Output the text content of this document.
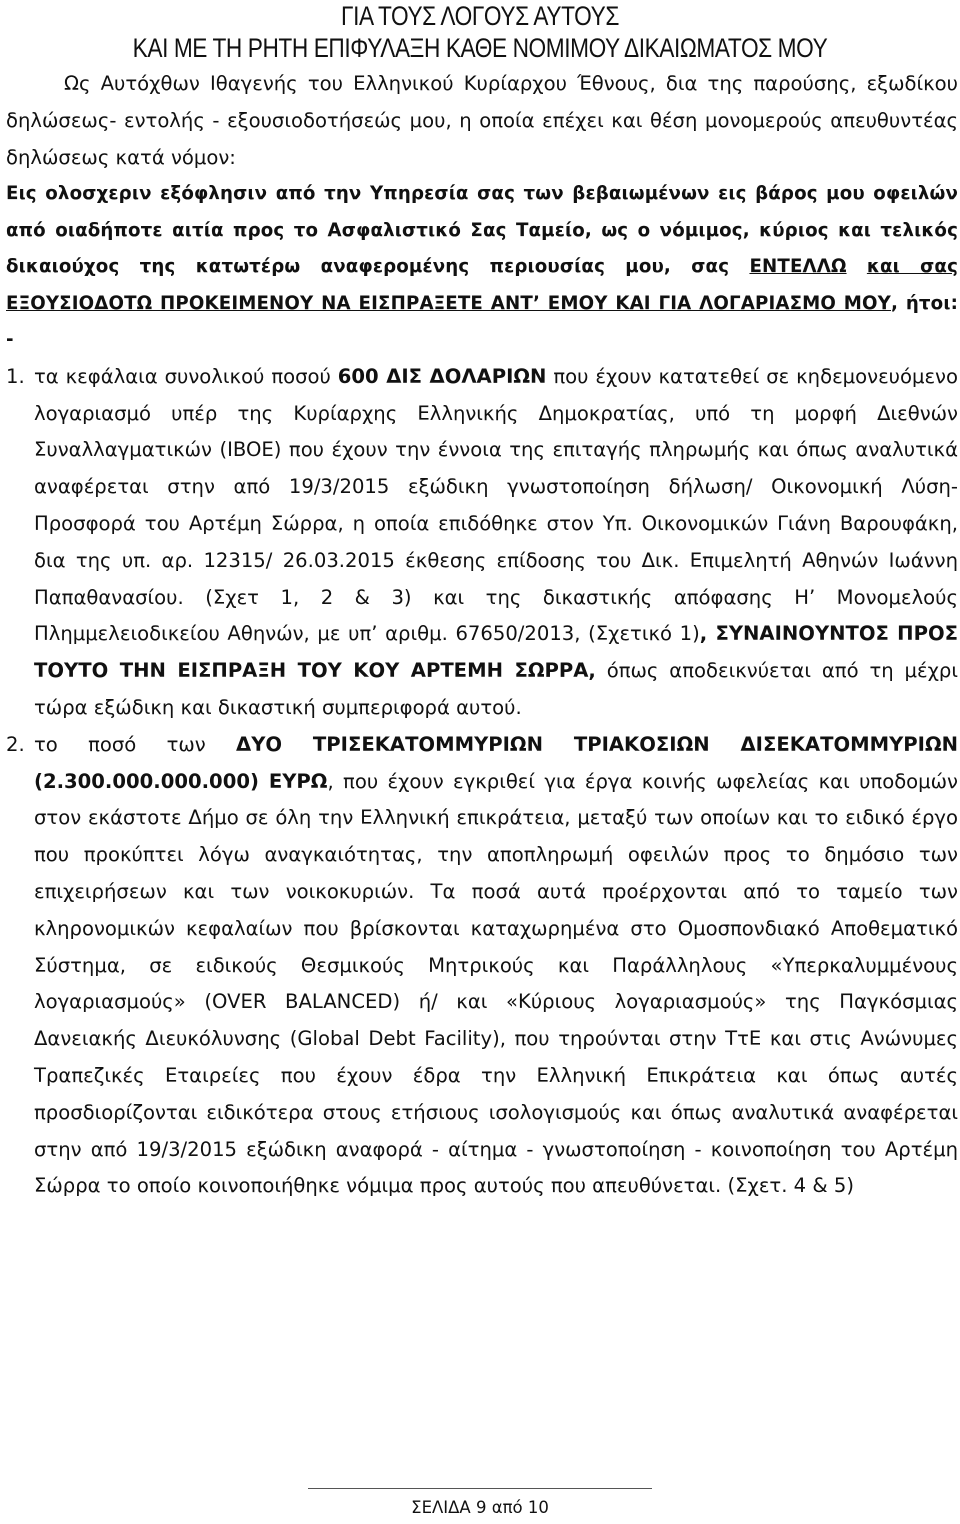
ΓΙΑ ΤΟΥΣ ΛΟΓΟΥΣ ΑΥΤΟΥΣ
ΚΑΙ ΜΕ ΤΗ ΡΗΤΗ ΕΠΙΦΥΛΑΞΗ ΚΑΘΕ ΝΟΜΙΜΟΥ ΔΙΚΑΙΩΜΑΤΟΣ ΜΟΥ

Ως Αυτόχθων Ιθαγενής του Ελληνικού Κυρίαρχου Έθνους, δια της παρούσης, εξωδίκου δηλώσεως- εντολής - εξουσιοδοτήσεώς μου, η οποία επέχει και θέση μονομερούς απευθυντέας δηλώσεως κατά νόμον:

Εις ολοσχεριν εξόφλησιν από την Υπηρεσία σας των βεβαιωμένων εις βάρος μου οφειλών από οιαδήποτε αιτία προς το Ασφαλιστικό Σας Ταμείο, ως ο νόμιμος, κύριος και τελικός δικαιούχος της κατωτέρω αναφερομένης περιουσίας μου, σας ΕΝΤΕΛΛΩ και σας ΕΞΟΥΣΙΟΔΟΤΩ ΠΡΟΚΕΙΜΕΝΟΥ ΝΑ ΕΙΣΠΡΑΞΕΤΕ ΑΝΤ’ ΕΜΟΥ ΚΑΙ ΓΙΑ ΛΟΓΑΡΙΑΣΜΟ ΜΟΥ, ήτοι: -

1. τα κεφάλαια συνολικού ποσού 600 ΔΙΣ ΔΟΛΑΡΙΩΝ που έχουν κατατεθεί σε κηδεμονευόμενο λογαριασμό υπέρ της Κυρίαρχης Ελληνικής Δημοκρατίας, υπό τη μορφή Διεθνών Συναλλαγματικών (IBOE) που έχουν την έννοια της επιταγής πληρωμής και όπως αναλυτικά αναφέρεται στην από 19/3/2015 εξώδικη γνωστοποίηση δήλωση/ Οικονομική Λύση- Προσφορά του Αρτέμη Σώρρα, η οποία επιδόθηκε στον Υπ. Οικονομικών Γιάνη Βαρουφάκη, δια της υπ. αρ. 12315/ 26.03.2015 έκθεσης επίδοσης του Δικ. Επιμελητή Αθηνών Ιωάννη Παπαθανασίου. (Σχετ 1, 2 & 3) και της δικαστικής απόφασης Η’ Μονομελούς Πλημμελειοδικείου Αθηνών, με υπ’ αριθμ. 67650/2013, (Σχετικό 1), ΣΥΝΑΙΝΟΥΝΤΟΣ ΠΡΟΣ ΤΟΥΤΟ ΤΗΝ ΕΙΣΠΡΑΞΗ ΤΟΥ ΚΟΥ ΑΡΤΕΜΗ ΣΩΡΡΑ, όπως αποδεικνύεται από τη μέχρι τώρα εξώδικη και δικαστική συμπεριφορά αυτού.
2. το ποσό των ΔΥΟ ΤΡΙΣΕΚΑΤΟΜΜΥΡΙΩΝ ΤΡΙΑΚΟΣΙΩΝ ΔΙΣΕΚΑΤΟΜΜΥΡΙΩΝ (2.300.000.000.000) ΕΥΡΩ, που έχουν εγκριθεί για έργα κοινής ωφελείας και υποδομών στον εκάστοτε Δήμο σε όλη την Ελληνική επικράτεια, μεταξύ των οποίων και το ειδικό έργο που προκύπτει λόγω αναγκαιότητας, την αποπληρωμή οφειλών προς το δημόσιο των επιχειρήσεων και των νοικοκυριών. Τα ποσά αυτά προέρχονται από το ταμείο των κληρονομικών κεφαλαίων που βρίσκονται καταχωρημένα στο Ομοσπονδιακό Αποθεματικό Σύστημα, σε ειδικούς Θεσμικούς Μητρικούς και Παράλληλους «Υπερκαλυμμένους λογαριασμούς» (OVER BALANCED) ή/ και «Κύριους λογαριασμούς» της Παγκόσμιας Δανειακής Διευκόλυνσης (Global Debt Facility), που τηρούνται στην ΤτΕ και στις Ανώνυμες Τραπεζικές Εταιρείες που έχουν έδρα την Ελληνική Επικράτεια και όπως αυτές προσδιορίζονται ειδικότερα στους ετήσιους ισολογισμούς και όπως αναλυτικά αναφέρεται στην από 19/3/2015 εξώδικη αναφορά - αίτημα - γνωστοποίηση - κοινοποίηση του Αρτέμη Σώρρα το οποίο κοινοποιήθηκε νόμιμα προς αυτούς που απευθύνεται. (Σχετ. 4 & 5)
ΣΕΛΙΔΑ 9 από 10
